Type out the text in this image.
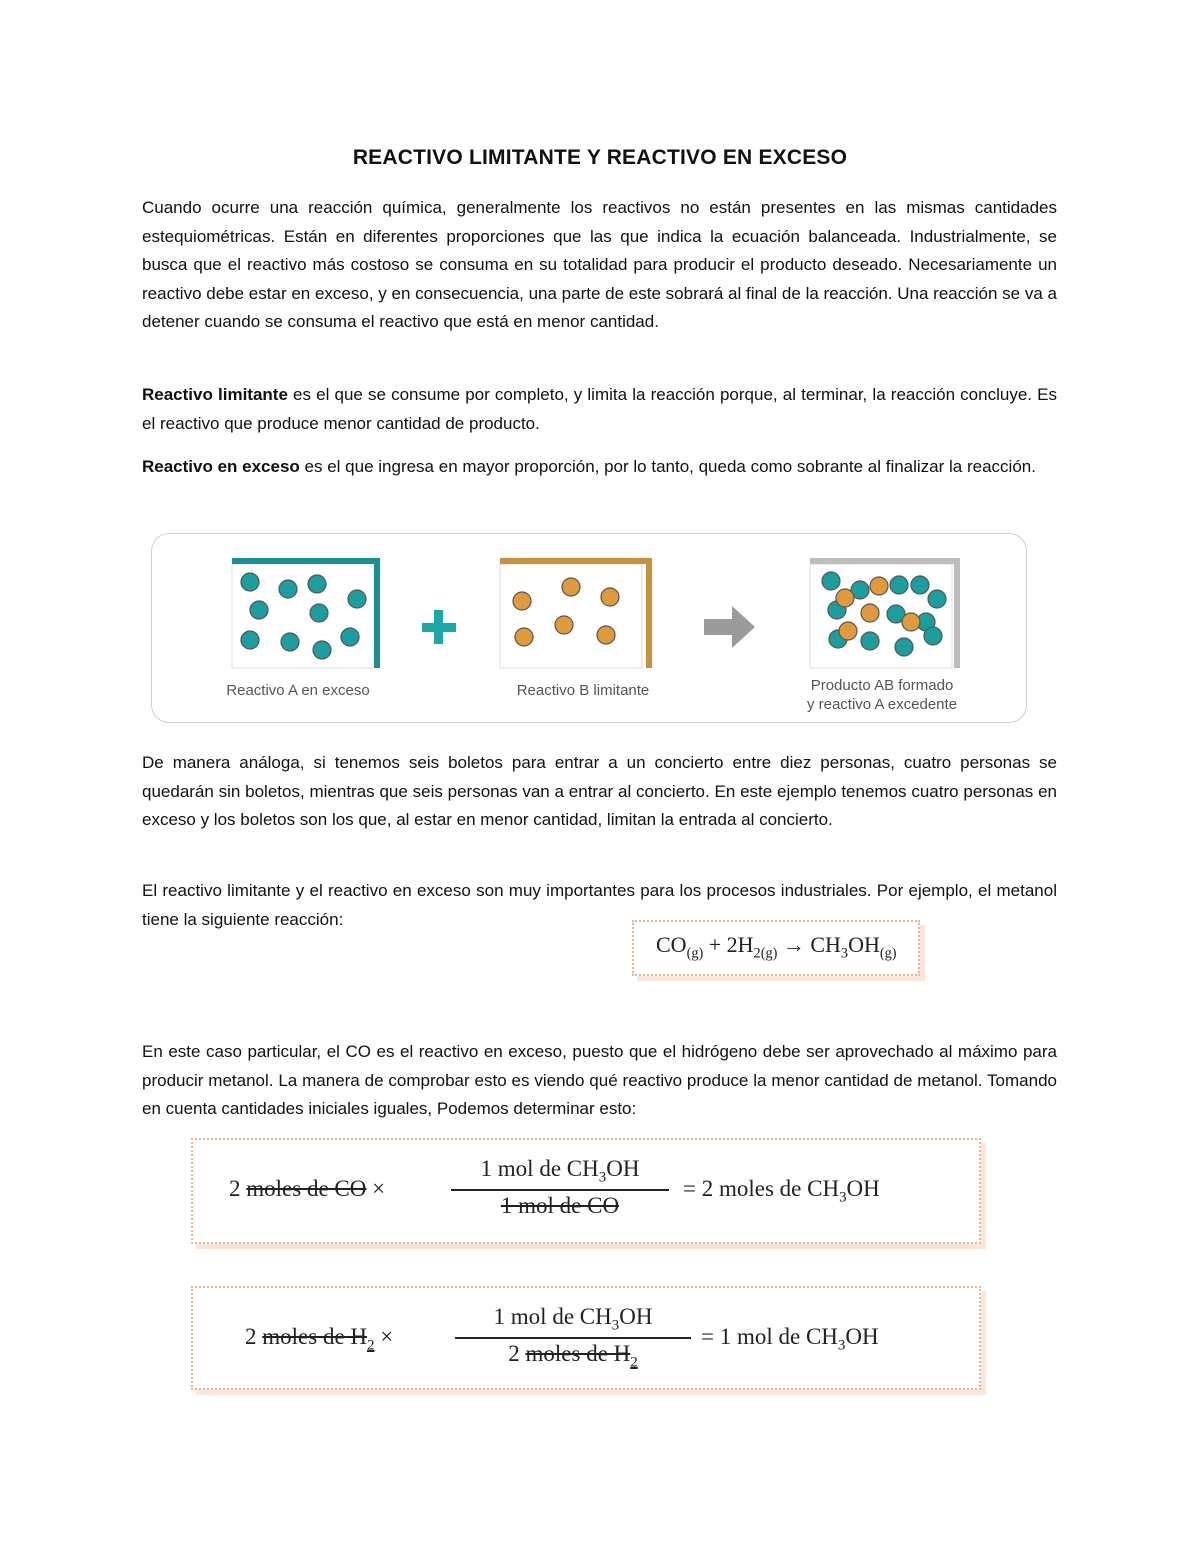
REACTIVO LIMITANTE Y REACTIVO EN EXCESO

Cuando ocurre una reacción química, generalmente los reactivos no están presentes en las mismas cantidades estequiométricas. Están en diferentes proporciones que las que indica la ecuación balanceada. Industrialmente, se busca que el reactivo más costoso se consuma en su totalidad para producir el producto deseado. Necesariamente un reactivo debe estar en exceso, y en consecuencia, una parte de este sobrará al final de la reacción. Una reacción se va a detener cuando se consuma el reactivo que está en menor cantidad.

Reactivo limitante es el que se consume por completo, y limita la reacción porque, al terminar, la reacción concluye. Es el reactivo que produce menor cantidad de producto.

Reactivo en exceso es el que ingresa en mayor proporción, por lo tanto, queda como sobrante al finalizar la reacción.

Reactivo A en exceso	Reactivo B limitante	Producto AB formado
y reactivo A excedente

De manera análoga, si tenemos seis boletos para entrar a un concierto entre diez personas, cuatro personas se quedarán sin boletos, mientras que seis personas van a entrar al concierto. En este ejemplo tenemos cuatro personas en exceso y los boletos son los que, al estar en menor cantidad, limitan la entrada al concierto.

El reactivo limitante y el reactivo en exceso son muy importantes para los procesos industriales. Por ejemplo, el metanol tiene la siguiente reacción:

$CO_{(g)} + 2H_{2(g)} \to CH_3OH_{(g)}$

En este caso particular, el CO es el reactivo en exceso, puesto que el hidrógeno debe ser aprovechado al máximo para producir metanol. La manera de comprobar esto es viendo qué reactivo produce la menor cantidad de metanol. Tomando en cuenta cantidades iniciales iguales, Podemos determinar esto:

2 moles de CO ×
1 mol de $CH_3OH$
1 mol de CO
= 2 moles de $CH_3OH$
2 moles de $H_2$ ×
1 mol de $CH_3OH$
2 moles de $H_2$
= 1 mol de $CH_3OH$
